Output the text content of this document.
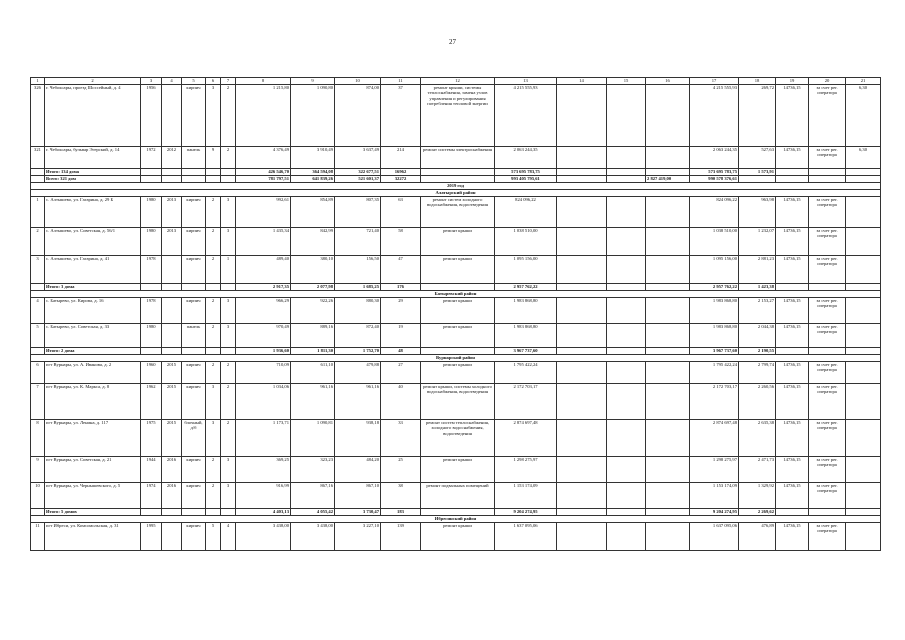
27
1	2	3	4	5	6	7	8	9	10	11	12	13	14	15	16	17	18	19	20	21
326	г. Чебоксары, проезд Шоссейный, д. 4	1956		кирпич	3	2	1 215,80	1 090,80	874,00	37	ремонт крыши, системы теплоснабжения, замена узлов управления и регулирования потребления тепловой энергии	4 215 555,93				4 215 555,93	269,72	14736,15	за счет рег. оператора	6,30
321	г. Чебоксары, бульвар Эгерский, д. 14	1972	2012	панель	9	2	4 376,49	3 910,49	3 637,49	214	ремонт системы электроснабжения	2 063 244,35				2 063 244,35	527,63	14736,15	за счет рег. оператора	6,30
	Итого: 134 дома						426 546,70	364 594,08	322 677,51	16962		573 695 783,75				573 695 783,75	1 573,91			
	Всего: 321 дом						781 797,51	641 839,26	521 601,37	32272		993 405 795,61			2 827 419,00	990 578 376,61				
2019 год																				
Алатырский район																				
1	с. Алтышево, ул. Гагарина, д. 29 Б	1980	2013	кирпич	2	3	992,61	854,89	807,35	63	ремонт систем холодного водоснабжения, водоотведения	824 096,22				824 096,22	963,98	14736,15	за счет рег. оператора	
2	с. Алтышево, ул. Советская, д. 56/1	1980	2013	кирпич	2	3	1 435,34	842,99	721,40	58	ремонт крыши	1 038 510,00				1 038 510,00	1 232,07	14736,15	за счет рег. оператора	
3	с. Алтышево, ул. Гагарина, д. 41	1978		кирпич	2	1	489,40	380,10	156,50	47	ремонт крыши	1 095 156,00				1 095 156,00	2 881,23	14736,15	за счет рег. оператора	
	Итого: 3 дома						2 917,35	2 077,98	1 685,25	176		2 957 762,22				2 957 762,22	1 423,38			
Батыревский район																				
4	с. Батырево, ул. Кирова, д. 16	1978		кирпич	2	3	966,29	922,26	880,30	29	ремонт крыши	1 983 868,80				1 983 868,80	2 153,27	14736,15	за счет рег. оператора	
5	с. Батырево, ул. Советская, д. 33	1980		панель	2	3	970,49	889,16	872,40	19	ремонт крыши	1 983 868,80				1 983 868,80	2 044,38	14736,15	за счет рег. оператора	
	Итого: 2 дома						1 936,60	1 811,30	1 752,70	48		3 967 737,60				3 967 737,60	2 190,55			
Вурнарский район																				
6	пгт Вурнары, ул. А. Иванова, д. 2	1960	2015	кирпич	2	2	710,09	611,10	479,88	27	ремонт крыши	1 795 422,24				1 795 422,24	2 799,74	14736,15	за счет рег. оператора	
7	пгт Вурнары, ул. К. Маркса, д. 8	1962	2015	кирпич	3	2	1 034,06	961,16	961,16	40	ремонт крыши, системы холодного водоснабжения, водоотведения	2 172 703,17				2 172 703,17	2 260,56	14736,15	за счет рег. оператора	
8	пгт Вурнары, ул. Ленина, д. 117	1975	2015	блочный, д/б	3	2	1 173,71	1 090,81	938,18	33	ремонт систем теплоснабжения, холодного водоснабжения, водоотведения	2 874 697,48				2 874 697,48	2 635,38	14736,15	за счет рег. оператора	
9	пгт Вурнары, ул. Советская, д. 21	1944	2016	кирпич	2	3	369,25	323,23	484,20	25	ремонт крыши	1 298 275,97				1 298 275,97	2 471,73	14736,15	за счет рег. оператора	
10	пгт Вурнары, ул. Чернышевского, д. 5	1974	2016	кирпич	2	3	916,99	867,16	867,10	38	ремонт подвальных помещений	1 153 174,09				1 153 174,09	1 329,92	14736,15	за счет рег. оператора	
	Итого: 5 домов						4 403,13	4 055,42	3 730,47	183		9 204 274,95				9 204 274,95	2 269,62			
Ибресинский район																				
11	пгт Ибреси, ул. Комсомольская, д. 31	1995		кирпич	5	4	3 438,00	3 438,00	3 227,10	139	ремонт крыши	1 637 095,06				1 637 095,06	476,89	14736,15	за счет рег. оператора	
